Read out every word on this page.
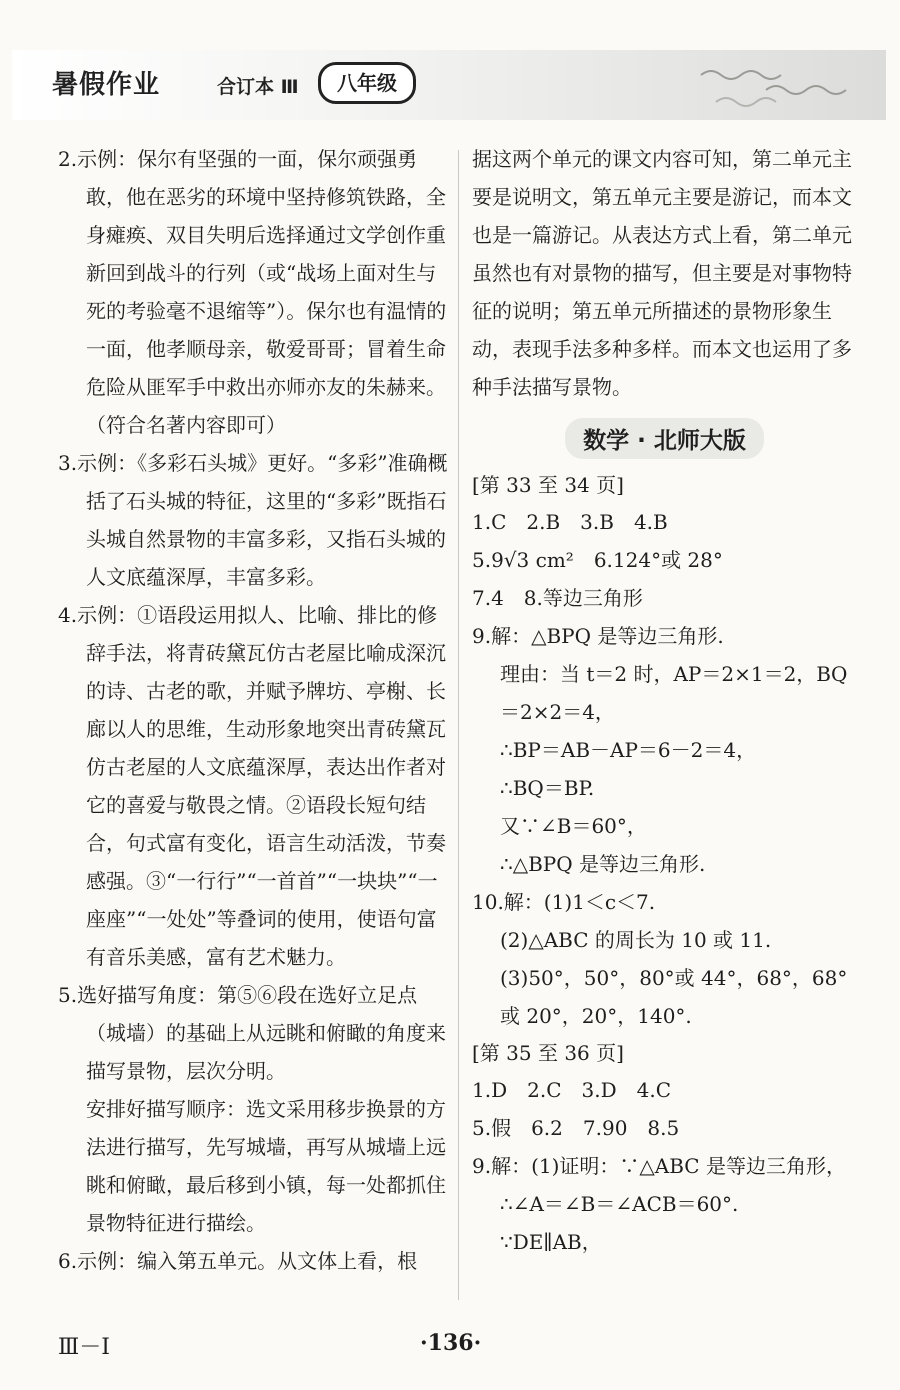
暑假作业	合订本 Ⅲ	八年级

2.示例：保尔有坚强的一面，保尔顽强勇敢，他在恶劣的环境中坚持修筑铁路，全身瘫痪、双目失明后选择通过文学创作重新回到战斗的行列（或“战场上面对生与死的考验毫不退缩等”）。保尔也有温情的一面，他孝顺母亲，敬爱哥哥；冒着生命危险从匪军手中救出亦师亦友的朱赫来。（符合名著内容即可）

3.示例：《多彩石头城》更好。“多彩”准确概括了石头城的特征，这里的“多彩”既指石头城自然景物的丰富多彩，又指石头城的人文底蕴深厚，丰富多彩。

4.示例：①语段运用拟人、比喻、排比的修辞手法，将青砖黛瓦仿古老屋比喻成深沉的诗、古老的歌，并赋予牌坊、亭榭、长廊以人的思维，生动形象地突出青砖黛瓦仿古老屋的人文底蕴深厚，表达出作者对它的喜爱与敬畏之情。②语段长短句结合，句式富有变化，语言生动活泼，节奏感强。③“一行行”“一首首”“一块块”“一座座”“一处处”等叠词的使用，使语句富有音乐美感，富有艺术魅力。

5.选好描写角度：第⑤⑥段在选好立足点（城墙）的基础上从远眺和俯瞰的角度来描写景物，层次分明。

安排好描写顺序：选文采用移步换景的方法进行描写，先写城墙，再写从城墙上远眺和俯瞰，最后移到小镇，每一处都抓住景物特征进行描绘。

6.示例：编入第五单元。从文体上看，根

据这两个单元的课文内容可知，第二单元主要是说明文，第五单元主要是游记，而本文也是一篇游记。从表达方式上看，第二单元虽然也有对景物的描写，但主要是对事物特征的说明；第五单元所描述的景物形象生动，表现手法多种多样。而本文也运用了多种手法描写景物。

数学 · 北师大版

[第 33 至 34 页]

1.C　2.B　3.B　4.B

5.9√3 cm²　6.124°或 28°

7.4　8.等边三角形

9.解：△BPQ 是等边三角形.

理由：当 t＝2 时，AP＝2×1＝2，BQ＝2×2＝4，

∴BP＝AB－AP＝6－2＝4，

∴BQ＝BP.

又∵∠B＝60°，

∴△BPQ 是等边三角形.

10.解：(1)1＜c＜7.

(2)△ABC 的周长为 10 或 11.

(3)50°，50°，80°或 44°，68°，68°或 20°，20°，140°.

[第 35 至 36 页]

1.D　2.C　3.D　4.C

5.假　6.2　7.90　8.5

9.解：(1)证明：∵△ABC 是等边三角形，

∴∠A＝∠B＝∠ACB＝60°.

∵DE∥AB，

Ⅲ－Ⅰ	·136·
